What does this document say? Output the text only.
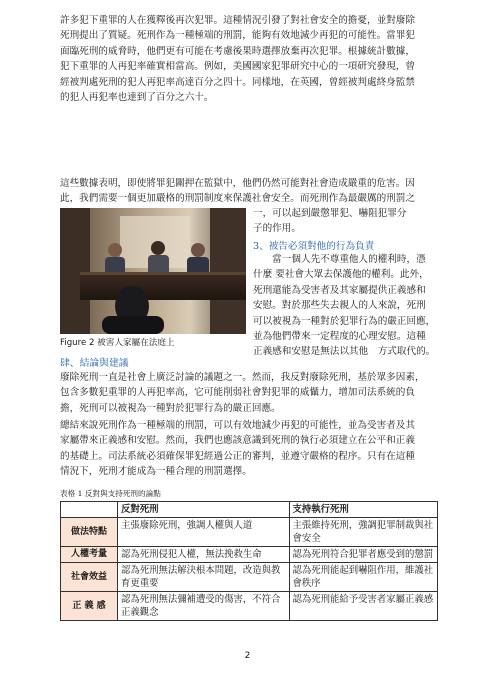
許多犯下重罪的人在獲釋後再次犯罪。這種情況引發了對社會安全的擔憂，並對廢除
死刑提出了質疑。死刑作為一種極端的刑罰，能夠有效地減少再犯的可能性。當罪犯
面臨死刑的威脅時，他們更有可能在考慮後果時選擇放棄再次犯罪。根據統計數據，
犯下重罪的人再犯率確實相當高。例如，美國國家犯罪研究中心的一項研究發現，曾
經被判處死刑的犯人再犯率高達百分之四十。同樣地，在英國，曾經被判處終身監禁
的犯人再犯率也達到了百分之六十。
這些數據表明，即使將罪犯關押在監獄中，他們仍然可能對社會造成嚴重的危害。因
此，我們需要一個更加嚴格的刑罰制度來保護社會安全。而死刑作為最嚴厲的刑罰之
一，可以起到嚴懲罪犯、嚇阻犯罪分
子的作用。
3、被告必須對他的行為負責
　　當一個人先不尊重他人的權利時，憑
什麼 要社會大眾去保護他的權利。此外，
死刑還能為受害者及其家屬提供正義感和
安慰。對於那些失去親人的人來說，死刑
可以被視為一種對於犯罪行為的嚴正回應，
並為他們帶來一定程度的心理安慰。這種
正義感和安慰是無法以其他　方式取代的。
Figure 2 被害人家屬在法庭上
肆、結論與建議
廢除死刑一直是社會上廣泛討論的議題之一。然而，我反對廢除死刑，基於眾多因素，
包含多數犯重罪的人再犯率高，它可能削弱社會對犯罪的威懾力，增加司法系統的負
擔，死刑可以被視為一種對於犯罪行為的嚴正回應。
總結來說死刑作為一種極端的刑罰，可以有效地減少再犯的可能性，並為受害者及其
家屬帶來正義感和安慰。然而，我們也應該意識到死刑的執行必須建立在公平和正義
的基礎上。司法系統必須確保罪犯經過公正的審判，並遵守嚴格的程序。只有在這種
情況下，死刑才能成為一種合理的刑罰選擇。
表格 1 反對與支持死刑的論點
	反對死刑	支持執行死刑
做法特點	主張廢除死刑，強調人權與人道	主張維持死刑，強調犯罪制裁與社會安全
人權考量	認為死刑侵犯人權，無法挽救生命	認為死刑符合犯罪者應受到的懲罰
社會效益	認為死刑無法解決根本問題，改造與教育更重要	認為死刑能起到嚇阻作用，維護社會秩序
正 義 感	認為死刑無法彌補遭受的傷害，不符合正義觀念	認為死刑能給予受害者家屬正義感
2
